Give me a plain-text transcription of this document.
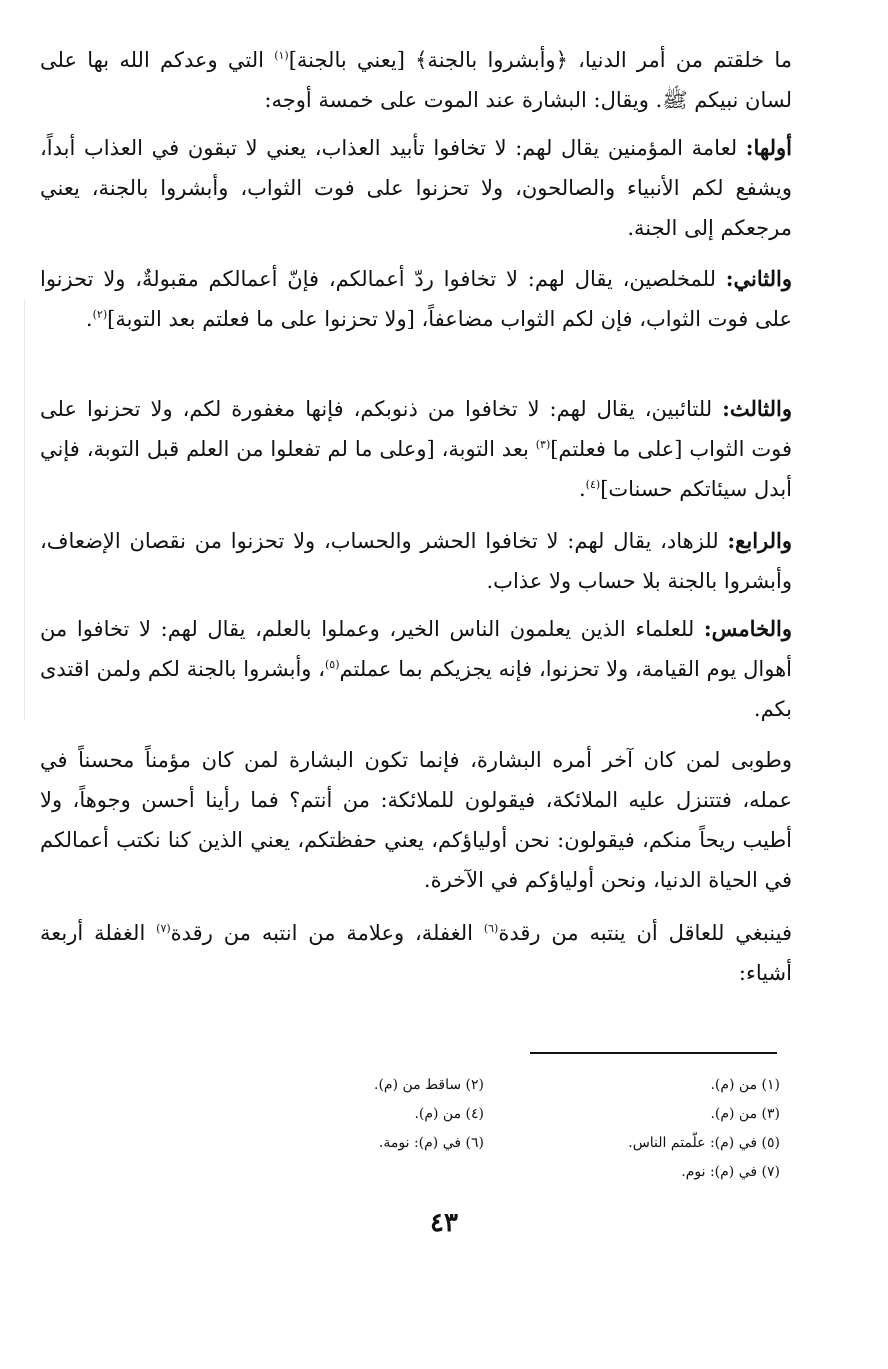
ما خلقتم من أمر الدنيا، ﴿وأبشروا بالجنة﴾ [يعني بالجنة]$^{(١)}$ التي وعدكم الله بها على لسان نبيكم ﷺ. ويقال: البشارة عند الموت على خمسة أوجه:

أولها: لعامة المؤمنين يقال لهم: لا تخافوا تأبيد العذاب، يعني لا تبقون في العذاب أبداً، ويشفع لكم الأنبياء والصالحون، ولا تحزنوا على فوت الثواب، وأبشروا بالجنة، يعني مرجعكم إلى الجنة.

والثاني: للمخلصين، يقال لهم: لا تخافوا ردّ أعمالكم، فإنّ أعمالكم مقبولةٌ، ولا تحزنوا على فوت الثواب، فإن لكم الثواب مضاعفاً، [ولا تحزنوا على ما فعلتم بعد التوبة]$^{(٢)}$.

والثالث: للتائبين، يقال لهم: لا تخافوا من ذنوبكم، فإنها مغفورة لكم، ولا تحزنوا على فوت الثواب [على ما فعلتم]$^{(٣)}$ بعد التوبة، [وعلى ما لم تفعلوا من العلم قبل التوبة، فإني أبدل سيئاتكم حسنات]$^{(٤)}$.

والرابع: للزهاد، يقال لهم: لا تخافوا الحشر والحساب، ولا تحزنوا من نقصان الإضعاف، وأبشروا بالجنة بلا حساب ولا عذاب.

والخامس: للعلماء الذين يعلمون الناس الخير، وعملوا بالعلم، يقال لهم: لا تخافوا من أهوال يوم القيامة، ولا تحزنوا، فإنه يجزيكم بما عملتم$^{(٥)}$، وأبشروا بالجنة لكم ولمن اقتدى بكم.

وطوبى لمن كان آخر أمره البشارة، فإنما تكون البشارة لمن كان مؤمناً محسناً في عمله، فتتنزل عليه الملائكة، فيقولون للملائكة: من أنتم؟ فما رأينا أحسن وجوهاً، ولا أطيب ريحاً منكم، فيقولون: نحن أولياؤكم، يعني حفظتكم، يعني الذين كنا نكتب أعمالكم في الحياة الدنيا، ونحن أولياؤكم في الآخرة.

فينبغي للعاقل أن ينتبه من رقدة$^{(٦)}$ الغفلة، وعلامة من انتبه من رقدة$^{(٧)}$ الغفلة أربعة أشياء:

(١) من (م).
(٣) من (م).
(٥) في (م): علّمتم الناس.
(٧) في (م): نوم.
(٢) ساقط من (م).
(٤) من (م).
(٦) في (م): نومة.
٤٣
